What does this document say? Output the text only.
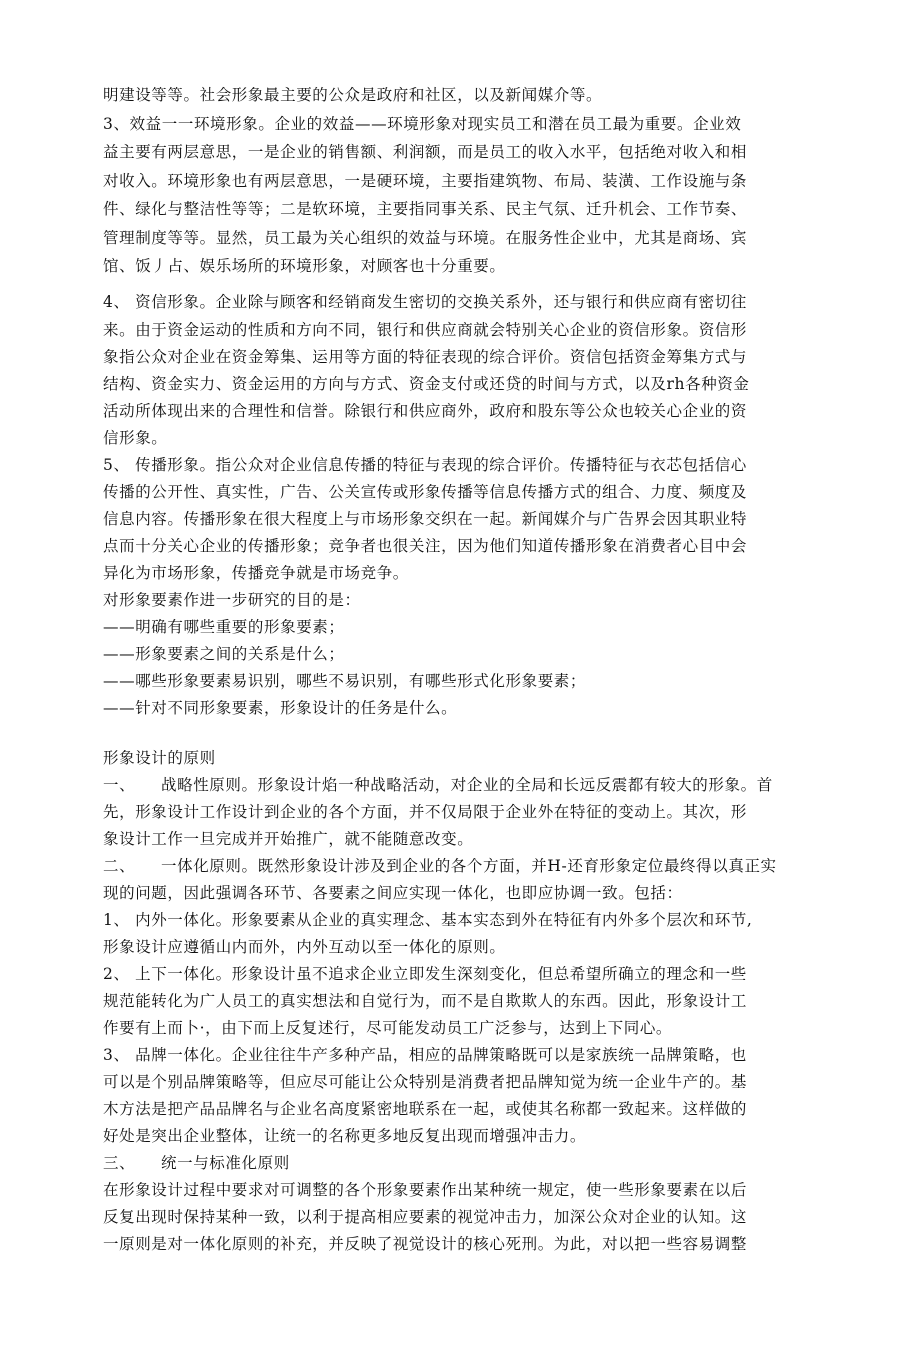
明建设等等。社会形象最主要的公众是政府和社区，以及新闻媒介等。

3、效益一一环境形象。企业的效益——环境形象对现实员工和潜在员工最为重要。企业效

益主要有两层意思，一是企业的销售额、利润额，而是员工的收入水平，包括绝对收入和相

对收入。环境形象也有两层意思，一是硬环境，主要指建筑物、布局、装潢、工作设施与条

件、绿化与整洁性等等；二是软环境，主要指同事关系、民主气氛、迁升机会、工作节奏、

管理制度等等。显然，员工最为关心组织的效益与环境。在服务性企业中，尤其是商场、宾

馆、饭丿占、娱乐场所的环境形象，对顾客也十分重要。

4、 资信形象。企业除与顾客和经销商发生密切的交换关系外，还与银行和供应商有密切往

来。由于资金运动的性质和方向不同，银行和供应商就会特别关心企业的资信形象。资信形

象指公众对企业在资金筹集、运用等方面的特征表现的综合评价。资信包括资金筹集方式与

结构、资金实力、资金运用的方向与方式、资金支付或还贷的时间与方式，以及rh各种资金

活动所体现出来的合理性和信誉。除银行和供应商外，政府和股东等公众也较关心企业的资

信形象。

5、 传播形象。指公众对企业信息传播的特征与表现的综合评价。传播特征与衣芯包括信心

传播的公开性、真实性，广告、公关宣传或形象传播等信息传播方式的组合、力度、频度及

信息内容。传播形象在很大程度上与市场形象交织在一起。新闻媒介与广告界会因其职业特

点而十分关心企业的传播形象；竞争者也很关注，因为他们知道传播形象在消费者心目中会

异化为市场形象，传播竞争就是市场竞争。

对形象要素作进一步研究的目的是：

——明确有哪些重要的形象要素；

——形象要素之间的关系是什么；

——哪些形象要素易识别，哪些不易识别，有哪些形式化形象要素；

——针对不同形象要素，形象设计的任务是什么。

形象设计的原则

一、 战略性原则。形象设计焰一种战略活动，对企业的全局和长远反震都有较大的形象。首

先，形象设计工作设计到企业的各个方面，并不仅局限于企业外在特征的变动上。其次，形

象设计工作一旦完成并开始推广，就不能随意改变。

二、 一体化原则。既然形象设计涉及到企业的各个方面，并H-还育形象定位最终得以真正实

现的问题，因此强调各环节、各要素之间应实现一体化，也即应协调一致。包括：

1、 内外一体化。形象要素从企业的真实理念、基本实态到外在特征有内外多个层次和环节,

形象设计应遵循山内而外，内外互动以至一体化的原则。

2、 上下一体化。形象设计虽不追求企业立即发生深刻变化，但总希望所确立的理念和一些

规范能转化为广人员工的真实想法和自觉行为，而不是自欺欺人的东西。因此，形象设计工

作要有上而卜·，由下而上反复述行，尽可能发动员工广泛参与，达到上下同心。

3、 品牌一体化。企业往往牛产多种产品，相应的品牌策略既可以是家族统一品牌策略，也

可以是个别品牌策略等，但应尽可能让公众特别是消费者把品牌知觉为统一企业牛产的。基

木方法是把产品品牌名与企业名高度紧密地联系在一起，或使其名称都一致起来。这样做的

好处是突出企业整体，让统一的名称更多地反复出现而增强冲击力。

三、 统一与标准化原则

在形象设计过程中要求对可调整的各个形象要素作出某种统一规定，使一些形象要素在以后

反复出现时保持某种一致，以利于提高相应要素的视觉冲击力，加深公众对企业的认知。这

一原则是对一体化原则的补充，并反映了视觉设计的核心死刑。为此，对以把一些容易调整
